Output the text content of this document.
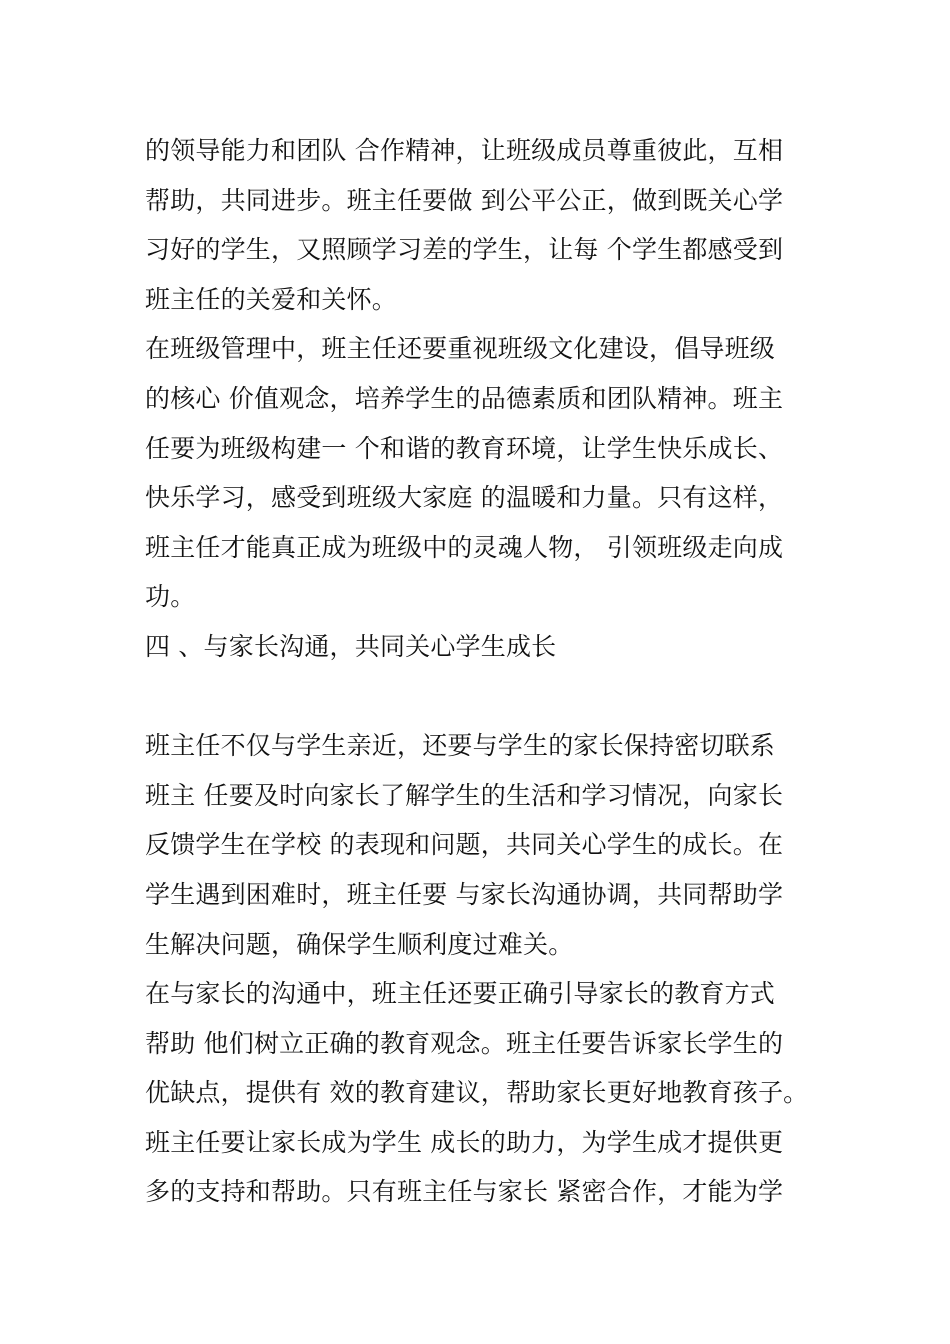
的领导能力和团队 合作精神，让班级成员尊重彼此，互相
帮助，共同进步。班主任要做 到公平公正，做到既关心学
习好的学生，又照顾学习差的学生，让每 个学生都感受到
班主任的关爱和关怀。
在班级管理中，班主任还要重视班级文化建设，倡导班级
的核心 价值观念，培养学生的品德素质和团队精神。班主
任要为班级构建一 个和谐的教育环境，让学生快乐成长、
快乐学习，感受到班级大家庭 的温暖和力量。只有这样，
班主任才能真正成为班级中的灵魂人物， 引领班级走向成
功。
四 、与家长沟通，共同关心学生成长
班主任不仅与学生亲近，还要与学生的家长保持密切联系
班主 任要及时向家长了解学生的生活和学习情况，向家长
反馈学生在学校 的表现和问题，共同关心学生的成长。在
学生遇到困难时，班主任要 与家长沟通协调，共同帮助学
生解决问题，确保学生顺利度过难关。
在与家长的沟通中，班主任还要正确引导家长的教育方式
帮助 他们树立正确的教育观念。班主任要告诉家长学生的
优缺点，提供有 效的教育建议，帮助家长更好地教育孩子。
班主任要让家长成为学生 成长的助力，为学生成才提供更
多的支持和帮助。只有班主任与家长 紧密合作，才能为学
